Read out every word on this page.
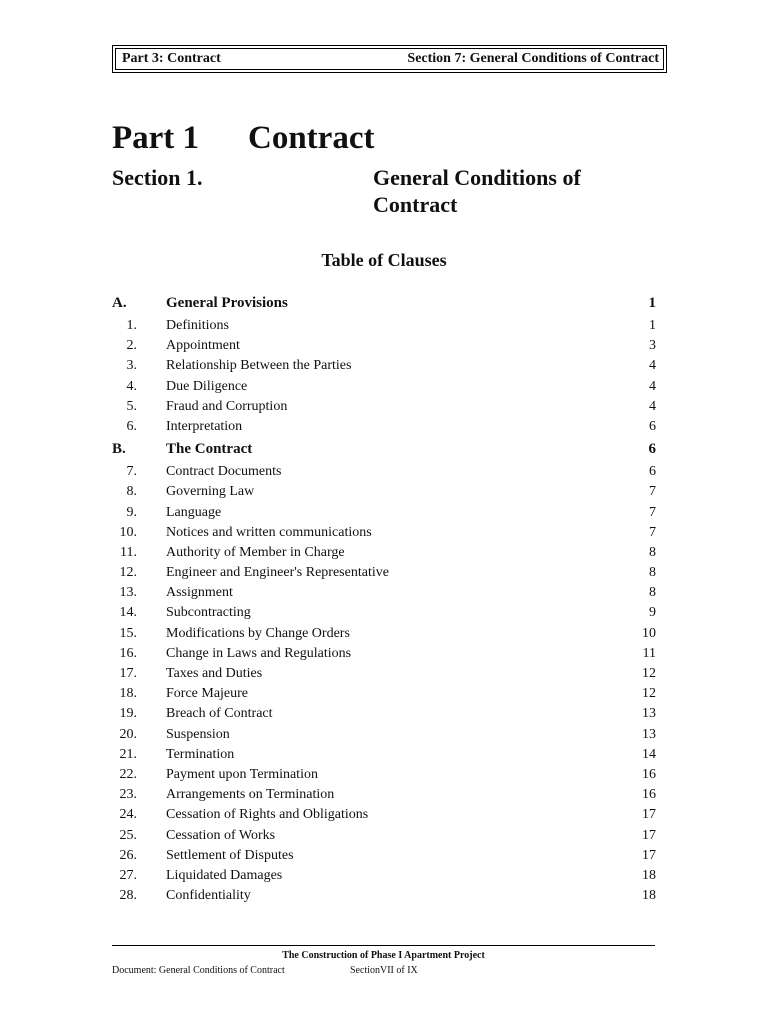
Part 3: Contract	Section 7: General Conditions of Contract
Part 1	Contract
Section 1.	General Conditions of Contract
Table of Clauses
A.	General Provisions	1
1. Definitions	1
2. Appointment	3
3. Relationship Between the Parties	4
4. Due Diligence	4
5. Fraud and Corruption	4
6. Interpretation	6
B.	The Contract	6
7. Contract Documents	6
8. Governing Law	7
9. Language	7
10. Notices and written communications	7
11. Authority of Member in Charge	8
12. Engineer and Engineer's Representative	8
13. Assignment	8
14. Subcontracting	9
15. Modifications by Change Orders	10
16. Change in Laws and Regulations	11
17. Taxes and Duties	12
18. Force Majeure	12
19. Breach of Contract	13
20. Suspension	13
21. Termination	14
22. Payment upon Termination	16
23. Arrangements on Termination	16
24. Cessation of Rights and Obligations	17
25. Cessation of Works	17
26. Settlement of Disputes	17
27. Liquidated Damages	18
28. Confidentiality	18
The Construction of Phase I Apartment Project
Document: General Conditions of Contract	SectionVII of IX
